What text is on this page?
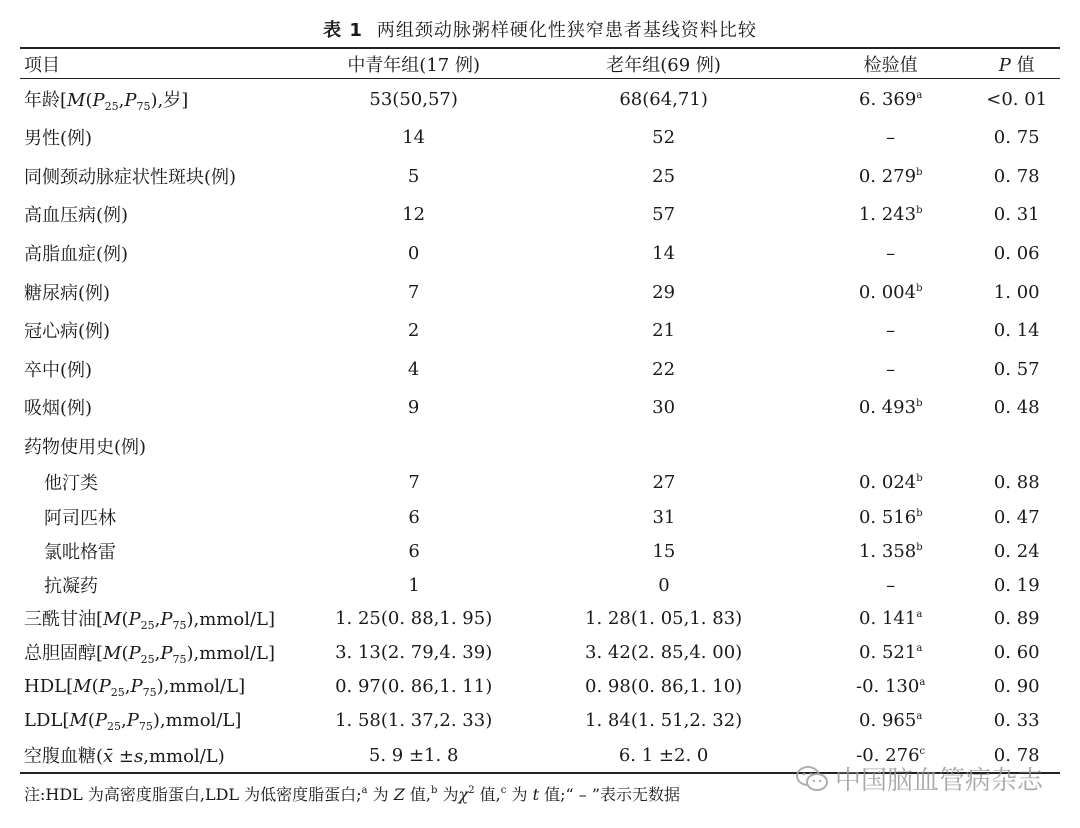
表 1 两组颈动脉粥样硬化性狭窄患者基线资料比较
项目	中青年组(17 例)	老年组(69 例)	检验值	P 值
年龄[$M(P_{25},P_{75})$,岁]	53(50,57)	68(64,71)	6. $369^a$	<0. 01
男性(例)	14	52	–	0. 75
同侧颈动脉症状性斑块(例)	5	25	0. 279$^b$	0. 78
高血压病(例)	12	57	1. 243$^b$	0. 31
高脂血症(例)	0	14	–	0. 06
糖尿病(例)	7	29	0. 004$^b$	1. 00
冠心病(例)	2	21	–	0. 14
卒中(例)	4	22	–	0. 57
吸烟(例)	9	30	0. 493$^b$	0. 48
药物使用史(例)
他汀类	7	27	0. 024$^b$	0. 88
阿司匹林	6	31	0. 516$^b$	0. 47
氯吡格雷	6	15	1. 358$^b$	0. 24
抗凝药	1	0	–	0. 19
三酰甘油$[M(P_{25},P_{75}),mmol/L]$	1. 25(0. 88,1. 95)	1. 28(1. 05,1. 83)	0. 141$^a$	0. 89
总胆固醇$[M(P_{25},P_{75}),mmol/L]$	3. 13(2. 79,4. 39)	3. 42(2. 85,4. 00)	0. 521$^a$	0. 60
$HDL[M(P_{25},P_{75}),mmol/L]$	0. 97(0. 86,1. 11)	0. 98(0. 86,1. 10)	-0. 130$^a$	0. 90
$LDL[M(P_{25},P_{75}),mmol/L]$	1. 58(1. 37,2. 33)	1. 84(1. 51,2. 32)	0. 965$^a$	0. 33
空腹血糖(x̄ ±s,mmol/L)	5. 9 ±1. 8	6. 1 ±2. 0	-0. 276$^c$	0. 78
注:HDL 为高密度脂蛋白,LDL 为低密度脂蛋白;$^a$ 为 Z 值,$^b$ 为$\chi^2$ 值,$^c$ 为 t 值;“ – ”表示无数据	中国脑血管病杂志
